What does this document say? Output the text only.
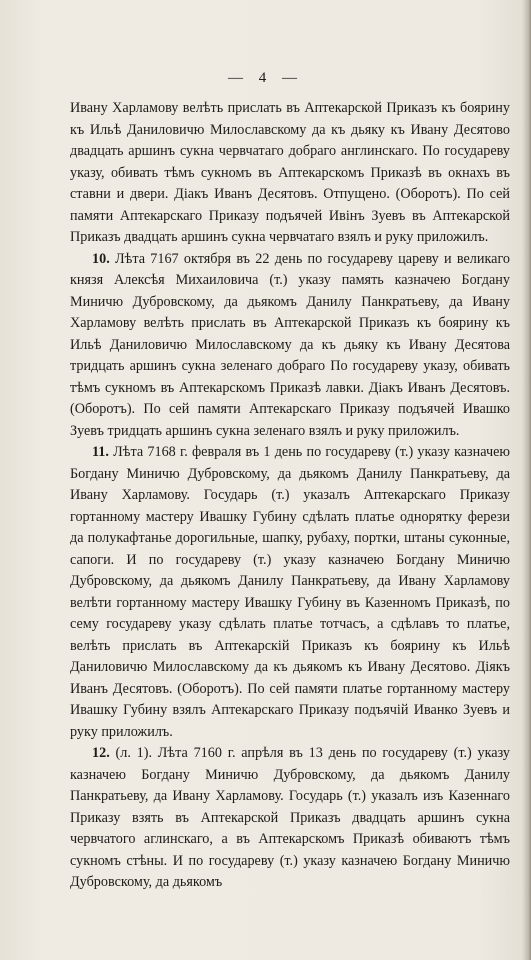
— 4 —

Ивану Харламову велѣть прислать въ Аптекарской Приказъ къ боярину къ Ильѣ Даниловичю Милославскому да къ дьяку къ Ивану Десятово двадцать аршинъ сукна червчатаго добраго англинскаго. По государеву указу, обивать тѣмъ сукномъ въ Аптекарскомъ Приказѣ въ окнахъ въ ставни и двери. Діакъ Иванъ Десятовъ. Отпущено. (Оборотъ). По сей памяти Аптекарскаго Приказу подъячей Ивінъ Зуевъ въ Аптекарской Приказъ двадцать аршинъ сукна червчатаго взялъ и руку приложилъ.

10. Лѣта 7167 октября въ 22 день по государеву цареву и великаго князя Алексѣя Михаиловича (т.) указу память казначею Богдану Миничю Дубровскому, да дьякомъ Данилу Панкратьеву, да Ивану Харламову велѣть прислать въ Аптекарской Приказъ къ боярину къ Ильѣ Даниловичю Милославскому да къ дьяку къ Ивану Десятова тридцать аршинъ сукна зеленаго добраго По государеву указу, обивать тѣмъ сукномъ въ Аптекарскомъ Приказѣ лавки. Діакъ Иванъ Десятовъ. (Оборотъ). По сей памяти Аптекарскаго Приказу подъячей Ивашко Зуевъ тридцать аршинъ сукна зеленаго взялъ и руку приложилъ.

11. Лѣта 7168 г. февраля въ 1 день по государеву (т.) указу казначею Богдану Миничю Дубровскому, да дьякомъ Данилу Панкратьеву, да Ивану Харламову. Государь (т.) указалъ Аптекарскаго Приказу гортанному мастеру Ивашку Губину сдѣлать платье однорятку ферези да полукафтанье дорогильные, шапку, рубаху, портки, штаны суконные, сапоги. И по государеву (т.) указу казначею Богдану Миничю Дубровскому, да дьякомъ Данилу Панкратьеву, да Ивану Харламову велѣти гортанному мастеру Ивашку Губину въ Казенномъ Приказѣ, по сему государеву указу сдѣлать платье тотчасъ, а сдѣлавъ то платье, велѣть прислать въ Аптекарскій Приказъ къ боярину къ Ильѣ Даниловичю Милославскому да къ дьякомъ къ Ивану Десятово. Діякъ Иванъ Десятовъ. (Оборотъ). По сей памяти платье гортанному мастеру Ивашку Губину взялъ Аптекарскаго Приказу подъячій Иванко Зуевъ и руку приложилъ.

12. (л. 1). Лѣта 7160 г. апрѣля въ 13 день по государеву (т.) указу казначею Богдану Миничю Дубровскому, да дьякомъ Данилу Панкратьеву, да Ивану Харламову. Государь (т.) указалъ изъ Казеннаго Приказу взять въ Аптекарской Приказъ двадцать аршинъ сукна червчатого аглинскаго, а въ Аптекарскомъ Приказѣ обиваютъ тѣмъ сукномъ стѣны. И по государеву (т.) указу казначею Богдану Миничю Дубровскому, да дьякомъ
